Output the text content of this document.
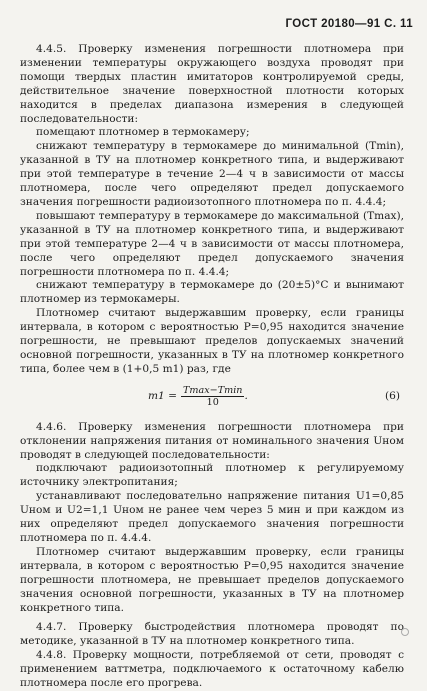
ГОСТ 20180—91 С. 11

4.4.5. Проверку изменения погрешности плотномера при изменении температуры окружающего воздуха проводят при помощи твердых пластин имитаторов контролируемой среды, действительное значение поверхностной плотности которых находится в пределах диапазона измерения в следующей последовательности:

помещают плотномер в термокамеру;

снижают температуру в термокамере до минимальной (Tmin), указанной в ТУ на плотномер конкретного типа, и выдерживают при этой температуре в течение 2—4 ч в зависимости от массы плотномера, после чего определяют предел допускаемого значения погрешности радиоизотопного плотномера по п. 4.4.4;

повышают температуру в термокамере до максимальной (Tmax), указанной в ТУ на плотномер конкретного типа, и выдерживают при этой температуре 2—4 ч в зависимости от массы плотномера, после чего определяют предел допускаемого значения погрешности плотномера по п. 4.4.4;

снижают температуру в термокамере до (20±5)°С и вынимают плотномер из термокамеры.

Плотномер считают выдержавшим проверку, если границы интервала, в котором с вероятностью P=0,95 находится значение погрешности, не превышают пределов допускаемых значений основной погрешности, указанных в ТУ на плотномер конкретного типа, более чем в (1+0,5 m1) раз, где

$m1 = \frac{Tmax-Tmin}{10}$ .	(6)

4.4.6. Проверку изменения погрешности плотномера при отклонении напряжения питания от номинального значения Uном проводят в следующей последовательности:

подключают радиоизотопный плотномер к регулируемому источнику электропитания;

устанавливают последовательно напряжение питания U1=0,85 Uном и U2=1,1 Uном не ранее чем через 5 мин и при каждом из них определяют предел допускаемого значения погрешности плотномера по п. 4.4.4.

Плотномер считают выдержавшим проверку, если границы интервала, в котором с вероятностью P=0,95 находится значение погрешности плотномера, не превышает пределов допускаемого значения основной погрешности, указанных в ТУ на плотномер конкретного типа.

4.4.7. Проверку быстродействия плотномера проводят по методике, указанной в ТУ на плотномер конкретного типа.

4.4.8. Проверку мощности, потребляемой от сети, проводят с применением ваттметра, подключаемого к остаточному кабелю плотномера после его прогрева.
